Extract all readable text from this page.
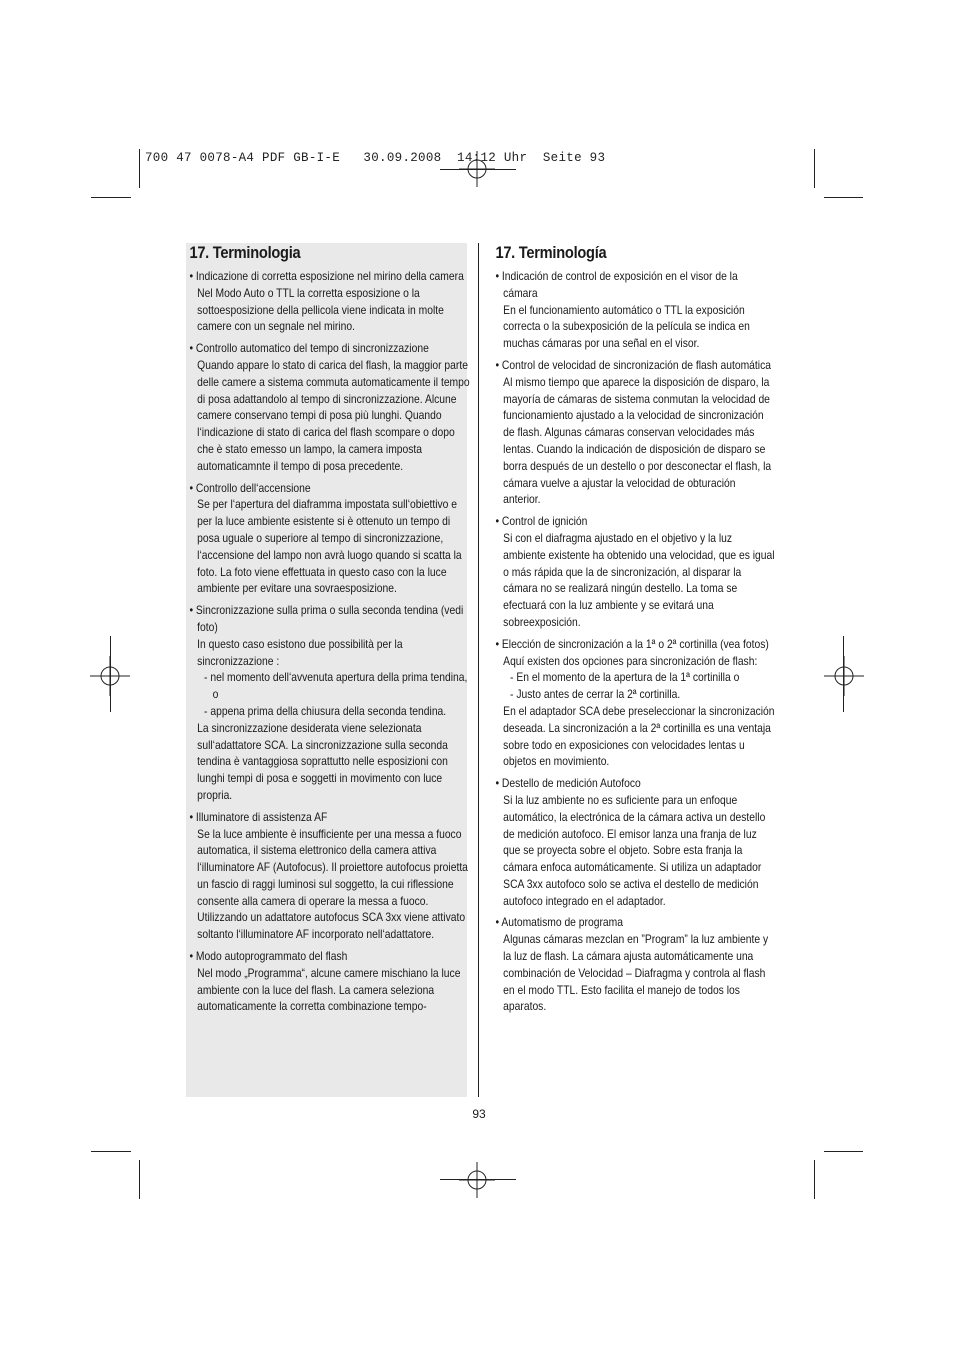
700 47 0078-A4 PDF GB-I-E   30.09.2008  14:12 Uhr  Seite 93
17. Terminologia
• Indicazione di corretta esposizione nel mirino della camera

Nel Modo Auto o TTL la corretta esposizione o la sottoesposizione della pellicola viene indicata in molte camere con un segnale nel mirino.

• Controllo automatico del tempo di sincronizzazione

Quando appare lo stato di carica del flash, la maggior parte delle camere a sistema commuta automaticamente il tempo di posa adattandolo al tempo di sincronizzazione. Alcune camere conservano tempi di posa più lunghi. Quando l‘indicazione di stato di carica del flash scompare o dopo che è stato emesso un lampo, la camera imposta automaticamnte il tempo di posa precedente.

• Controllo dell‘accensione

Se per l‘apertura del diaframma impostata sull‘obiettivo e per la luce ambiente esistente si è ottenuto un tempo di posa uguale o superiore al tempo di sincronizzazione, l‘accensione del lampo non avrà luogo quando si scatta la foto. La foto viene effettuata in questo caso con la luce ambiente per evitare una sovraesposizione.

• Sincronizzazione sulla prima o sulla seconda tendina (vedi foto)

In questo caso esistono due possibilità per la sincronizzazione :

- nel momento dell‘avvenuta apertura della prima tendina, o

- appena prima della chiusura della seconda tendina.

La sincronizzazione desiderata viene selezionata sull‘adattatore SCA. La sincronizzazione sulla seconda tendina è vantaggiosa soprattutto nelle esposizioni con lunghi tempi di posa e soggetti in movimento con luce propria.

• Illuminatore di assistenza AF

Se la luce ambiente è insufficiente per una messa a fuoco automatica, il sistema elettronico della camera attiva l‘illuminatore AF (Autofocus). Il proiettore autofocus proietta un fascio di raggi luminosi sul soggetto, la cui riflessione consente alla camera di operare la messa a fuoco. Utilizzando un adattatore autofocus SCA 3xx viene attivato soltanto l‘illuminatore AF incorporato nell‘adattatore.

• Modo autoprogrammato del flash

Nel modo „Programma“, alcune camere mischiano la luce ambiente con la luce del flash. La camera seleziona automaticamente la corretta combinazione tempo-

17. Terminología
• Indicación de control de exposición en el visor de la cámara

En el funcionamiento automático o TTL la exposición correcta o la subexposición de la película se indica en muchas cámaras por una señal en el visor.

• Control de velocidad de sincronización de flash automática

Al mismo tiempo que aparece la disposición de disparo, la mayoría de cámaras de sistema conmutan la velocidad de funcionamiento ajustado a la velocidad de sincronización de flash. Algunas cámaras conservan velocidades más lentas. Cuando la indicación de disposición de disparo se borra después de un destello o por desconectar el flash, la cámara vuelve a ajustar la velocidad de obturación anterior.

• Control de ignición

Si con el diafragma ajustado en el objetivo y la luz ambiente existente ha obtenido una velocidad, que es igual o más rápida que la de sincronización, al disparar la cámara no se realizará ningún destello. La toma se efectuará con la luz ambiente y se evitará una sobreexposición.

• Elección de sincronización a la 1ª o 2ª cortinilla (vea fotos)

Aquí existen dos opciones para sincronización de flash:

- En el momento de la apertura de la 1ª cortinilla o

- Justo antes de cerrar la 2ª cortinilla.

En el adaptador SCA debe preseleccionar la sincronización deseada. La sincronización a la 2ª cortinilla es una ventaja sobre todo en exposiciones con velocidades lentas u objetos en movimiento.

• Destello de medición Autofoco

Si la luz ambiente no es suficiente para un enfoque automático, la electrónica de la cámara activa un destello de medición autofoco. El emisor lanza una franja de luz que se proyecta sobre el objeto. Sobre esta franja la cámara enfoca automáticamente. Si utiliza un adaptador SCA 3xx autofoco solo se activa el destello de medición autofoco integrado en el adaptador.

• Automatismo de programa

Algunas cámaras mezclan en ”Program” la luz ambiente y la luz de flash. La cámara ajusta automáticamente una combinación de Velocidad – Diafragma y controla al flash en el modo TTL. Esto facilita el manejo de todos los aparatos.

93
